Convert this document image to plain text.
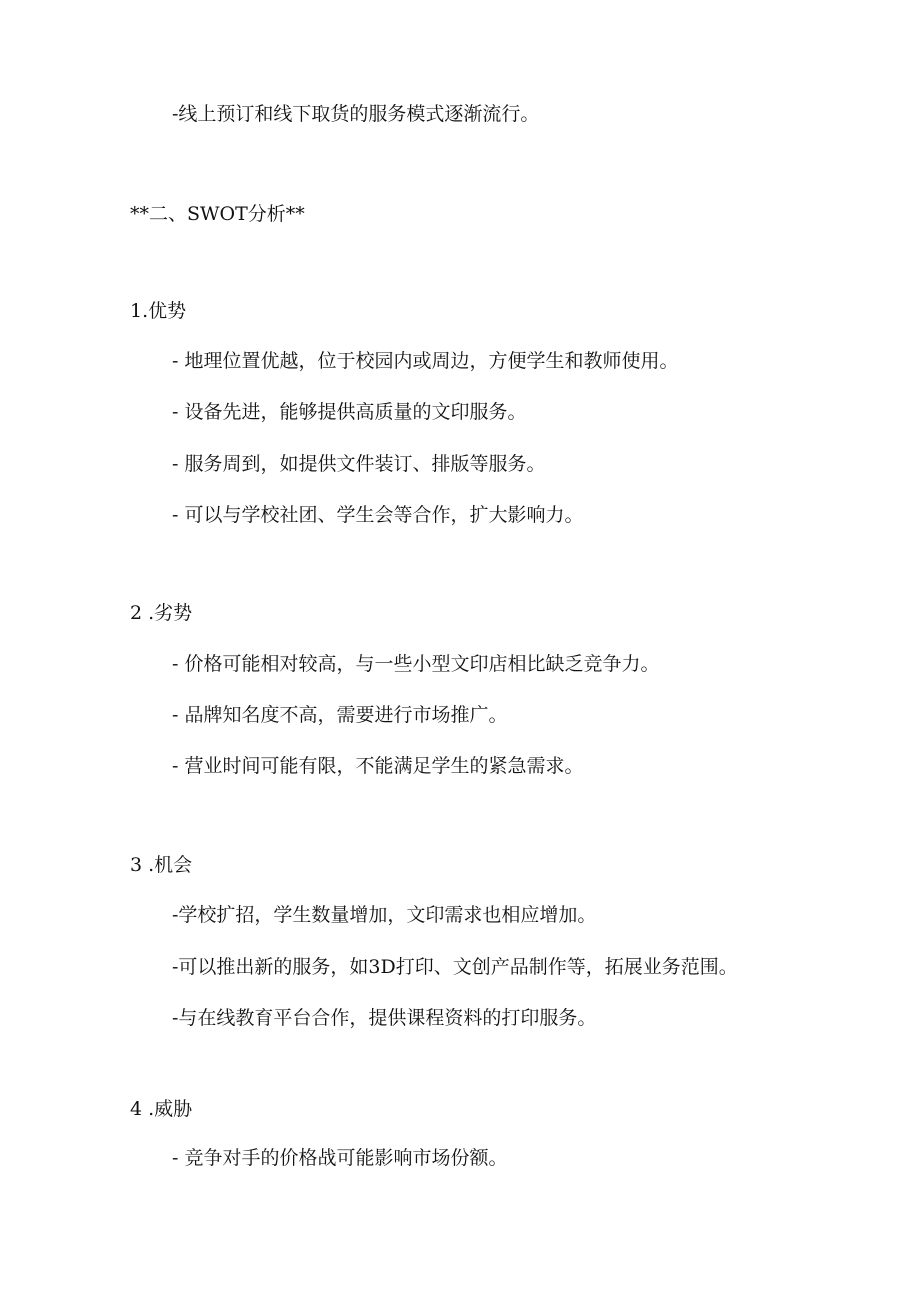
-线上预订和线下取货的服务模式逐渐流行。

**二、SWOT分析**

1.优势

- 地理位置优越，位于校园内或周边，方便学生和教师使用。

- 设备先进，能够提供高质量的文印服务。

- 服务周到，如提供文件装订、排版等服务。

- 可以与学校社团、学生会等合作，扩大影响力。

2 .劣势

- 价格可能相对较高，与一些小型文印店相比缺乏竞争力。

- 品牌知名度不高，需要进行市场推广。

- 营业时间可能有限，不能满足学生的紧急需求。

3 .机会

-学校扩招，学生数量增加，文印需求也相应增加。

-可以推出新的服务，如3D打印、文创产品制作等，拓展业务范围。

-与在线教育平台合作，提供课程资料的打印服务。

4 .威胁

- 竞争对手的价格战可能影响市场份额。
